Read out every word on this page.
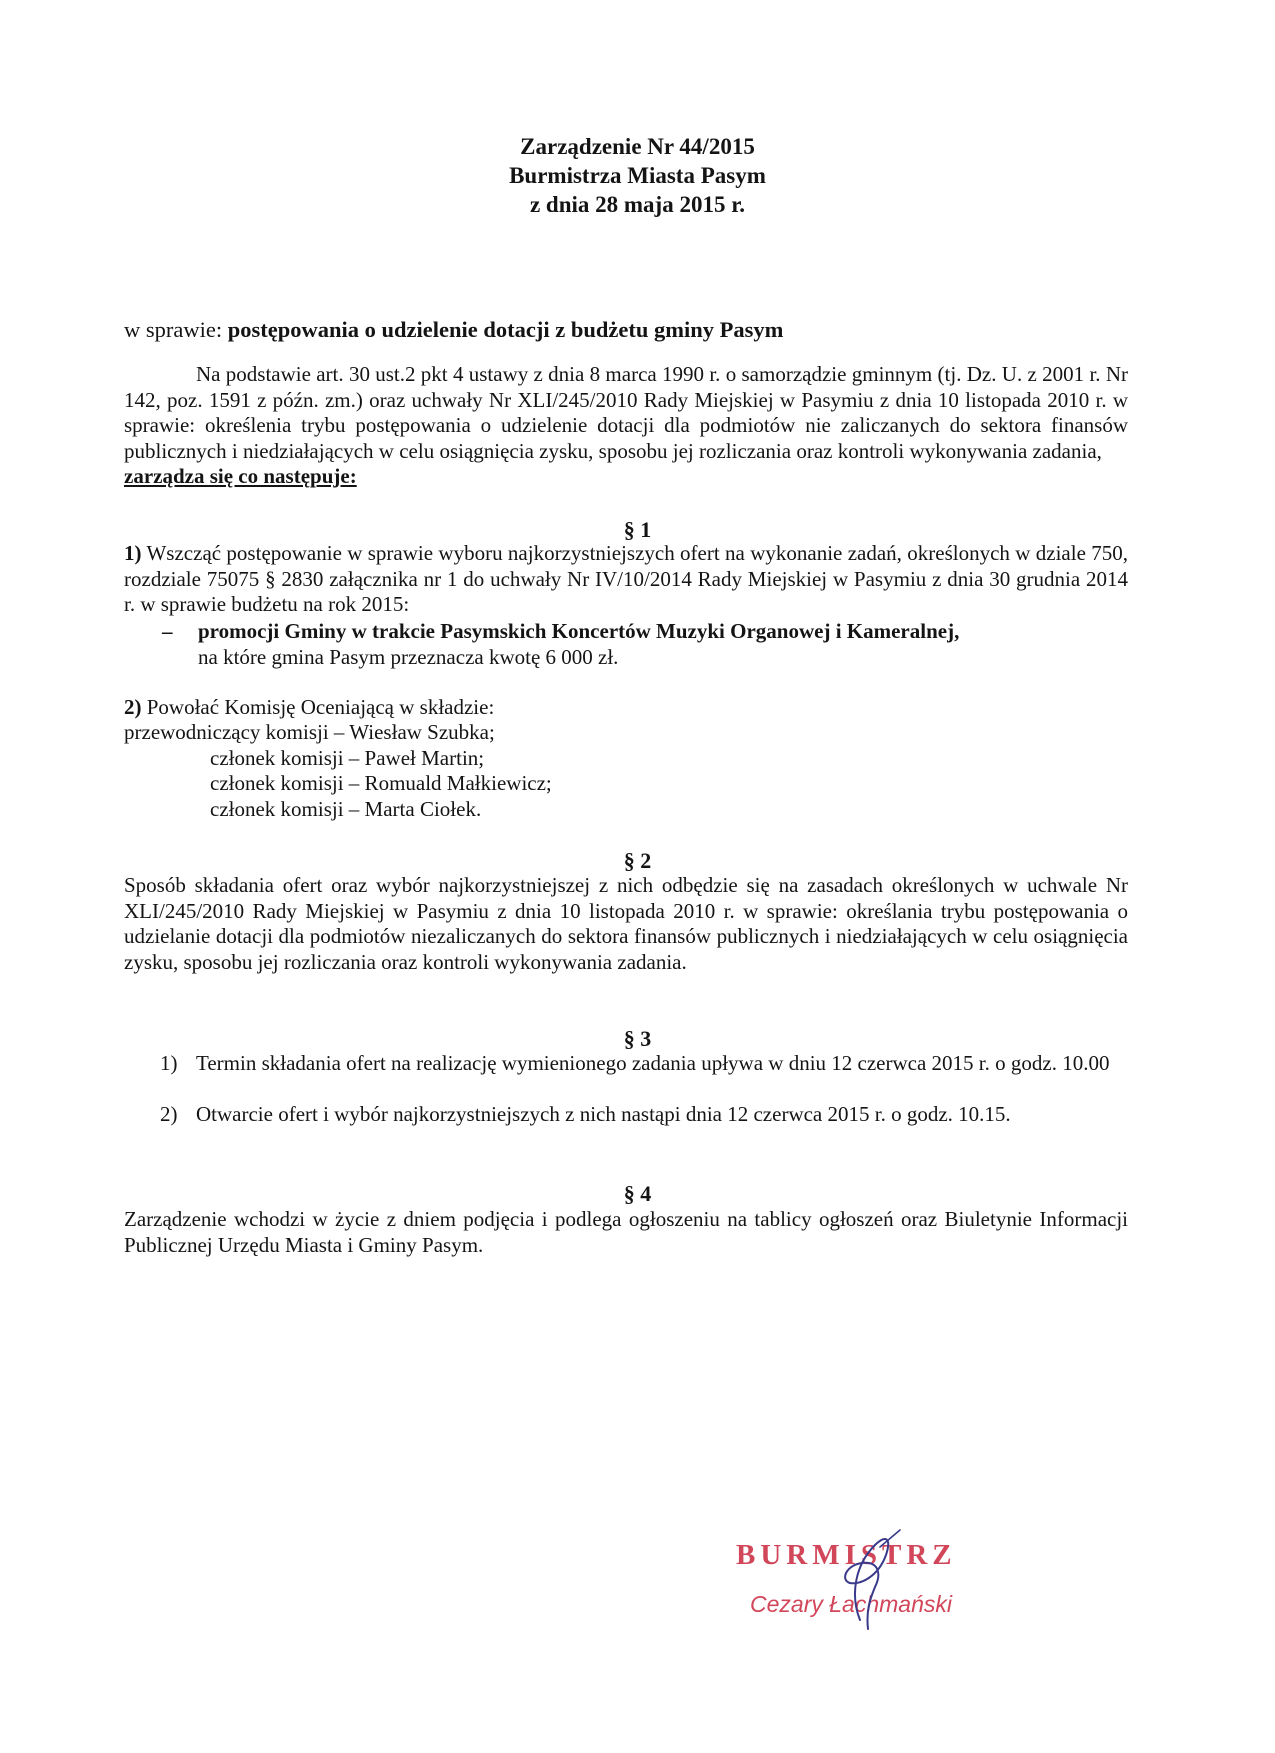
Zarządzenie Nr 44/2015
Burmistrza Miasta Pasym
z dnia 28 maja 2015 r.
w sprawie: postępowania o udzielenie dotacji z budżetu gminy Pasym
Na podstawie art. 30 ust.2 pkt 4 ustawy z dnia 8 marca 1990 r. o samorządzie gminnym (tj. Dz. U. z 2001 r. Nr 142, poz. 1591 z późn. zm.) oraz uchwały Nr XLI/245/2010 Rady Miejskiej w Pasymiu z dnia 10 listopada 2010 r. w sprawie: określenia trybu postępowania o udzielenie dotacji dla podmiotów nie zaliczanych do sektora finansów publicznych i niedziałających w celu osiągnięcia zysku, sposobu jej rozliczania oraz kontroli wykonywania zadania,
zarządza się co następuje:
§ 1
1) Wszcząć postępowanie w sprawie wyboru najkorzystniejszych ofert na wykonanie zadań, określonych w dziale 750, rozdziale 75075 § 2830 załącznika nr 1 do uchwały Nr IV/10/2014 Rady Miejskiej w Pasymiu z dnia 30 grudnia 2014 r. w sprawie budżetu na rok 2015:
–	promocji Gminy w trakcie Pasymskich Koncertów Muzyki Organowej i Kameralnej,
na które gmina Pasym przeznacza kwotę 6 000 zł.
2) Powołać Komisję Oceniającą w składzie:
przewodniczący komisji – Wiesław Szubka;
członek komisji – Paweł Martin;
członek komisji – Romuald Małkiewicz;
członek komisji – Marta Ciołek.
§ 2
Sposób składania ofert oraz wybór najkorzystniejszej z nich odbędzie się na zasadach określonych w uchwale Nr XLI/245/2010 Rady Miejskiej w Pasymiu z dnia 10 listopada 2010 r. w sprawie: określania trybu postępowania o udzielanie dotacji dla podmiotów niezaliczanych do sektora finansów publicznych i niedziałających w celu osiągnięcia zysku, sposobu jej rozliczania oraz kontroli wykonywania zadania.
§ 3
1) Termin składania ofert na realizację wymienionego zadania upływa w dniu 12 czerwca 2015 r. o godz. 10.00
2) Otwarcie ofert i wybór najkorzystniejszych z nich nastąpi dnia 12 czerwca 2015 r. o godz. 10.15.
§ 4
Zarządzenie wchodzi w życie z dniem podjęcia i podlega ogłoszeniu na tablicy ogłoszeń oraz Biuletynie Informacji Publicznej Urzędu Miasta i Gminy Pasym.
BURMISTRZ
Cezary Łachmański
